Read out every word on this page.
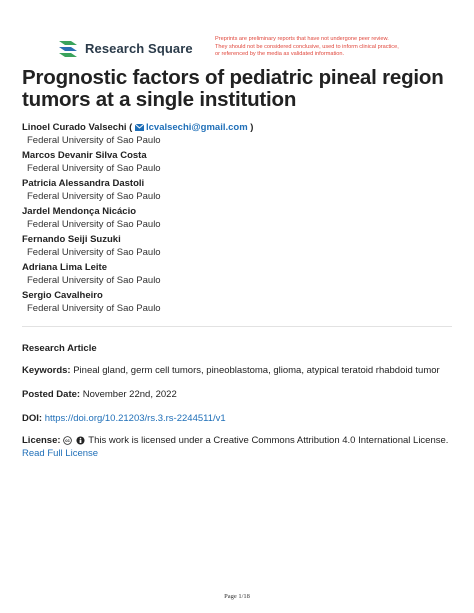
Research Square
Preprints are preliminary reports that have not undergone peer review.
They should not be considered conclusive, used to inform clinical practice,
or referenced by the media as validated information.
Prognostic factors of pediatric pineal region tumors at a single institution
Linoel Curado Valsechi ( lcvalsechi@gmail.com )
Federal University of Sao Paulo
Marcos Devanir Silva Costa
Federal University of Sao Paulo
Patricia Alessandra Dastoli
Federal University of Sao Paulo
Jardel Mendonça Nicácio
Federal University of Sao Paulo
Fernando Seiji Suzuki
Federal University of Sao Paulo
Adriana Lima Leite
Federal University of Sao Paulo
Sergio Cavalheiro
Federal University of Sao Paulo
Research Article
Keywords: Pineal gland, germ cell tumors, pineoblastoma, glioma, atypical teratoid rhabdoid tumor
Posted Date: November 22nd, 2022
DOI: https://doi.org/10.21203/rs.3.rs-2244511/v1
License: cc This work is licensed under a Creative Commons Attribution 4.0 International License.
Read Full License
Page 1/18
